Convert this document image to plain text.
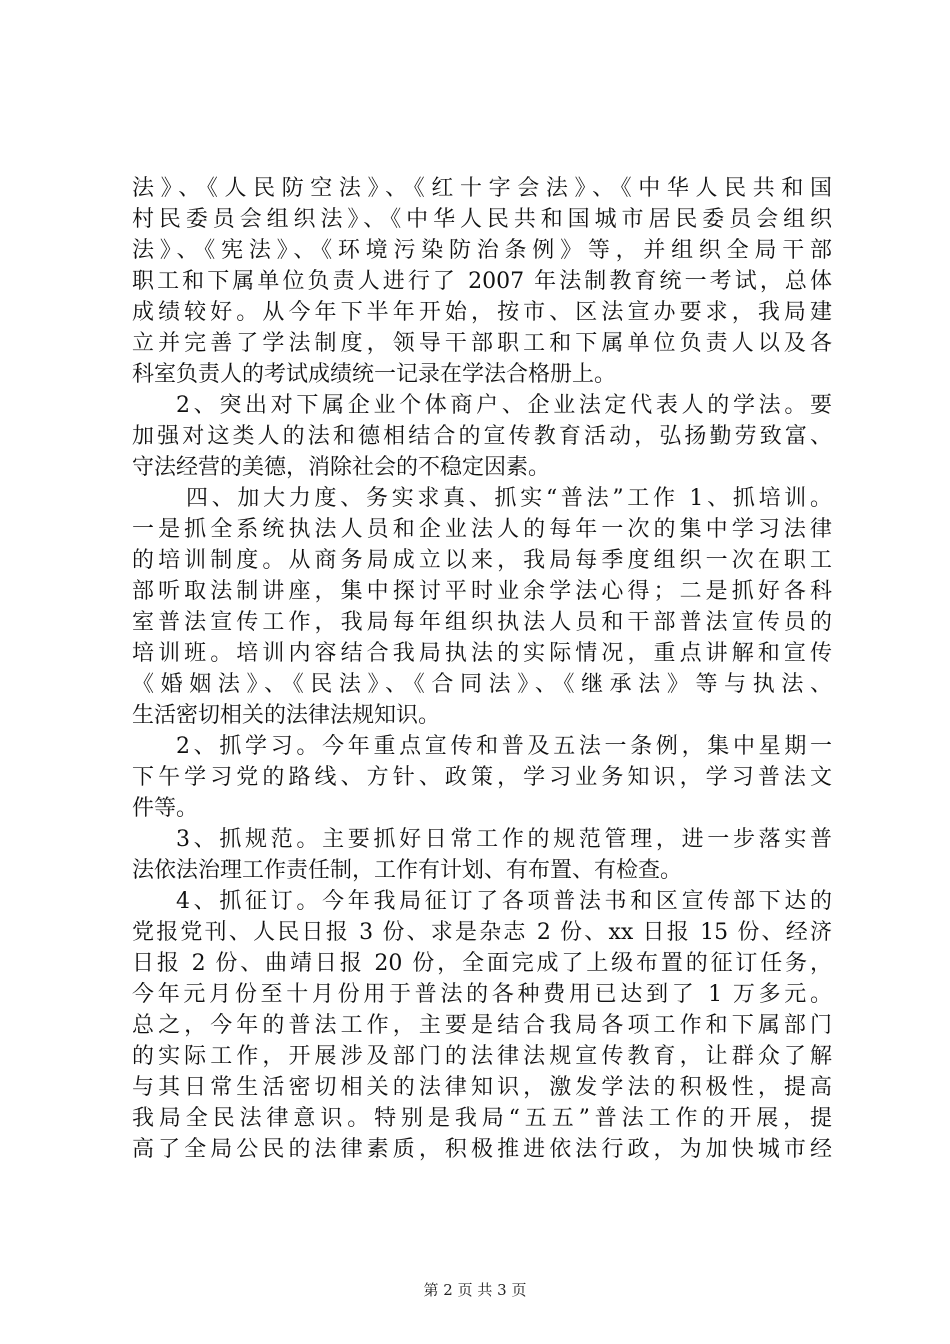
法》、《人民防空法》、《红十字会法》、《中华人民共和国
村民委员会组织法》、《中华人民共和国城市居民委员会组织
法》、《宪法》、《环境污染防治条例》等，并组织全局干部
职工和下属单位负责人进行了 2007 年法制教育统一考试，总体
成绩较好。从今年下半年开始，按市、区法宣办要求，我局建
立并完善了学法制度，领导干部职工和下属单位负责人以及各
科室负责人的考试成绩统一记录在学法合格册上。
2、突出对下属企业个体商户、企业法定代表人的学法。要
加强对这类人的法和德相结合的宣传教育活动，弘扬勤劳致富、
守法经营的美德，消除社会的不稳定因素。
四、加大力度、务实求真、抓实“普法”工作 1、抓培训。
一是抓全系统执法人员和企业法人的每年一次的集中学习法律
的培训制度。从商务局成立以来，我局每季度组织一次在职工
部听取法制讲座，集中探讨平时业余学法心得；二是抓好各科
室普法宣传工作，我局每年组织执法人员和干部普法宣传员的
培训班。培训内容结合我局执法的实际情况，重点讲解和宣传
《婚姻法》、《民法》、《合同法》、《继承法》等与执法、
生活密切相关的法律法规知识。
2、抓学习。今年重点宣传和普及五法一条例，集中星期一
下午学习党的路线、方针、政策，学习业务知识，学习普法文
件等。
3、抓规范。主要抓好日常工作的规范管理，进一步落实普
法依法治理工作责任制，工作有计划、有布置、有检查。
4、抓征订。今年我局征订了各项普法书和区宣传部下达的
党报党刊、人民日报 3 份、求是杂志 2 份、xx 日报 15 份、经济
日报 2 份、曲靖日报 20 份，全面完成了上级布置的征订任务，
今年元月份至十月份用于普法的各种费用已达到了 1 万多元。
总之，今年的普法工作，主要是结合我局各项工作和下属部门
的实际工作，开展涉及部门的法律法规宣传教育，让群众了解
与其日常生活密切相关的法律知识，激发学法的积极性，提高
我局全民法律意识。特别是我局“五五”普法工作的开展，提
高了全局公民的法律素质，积极推进依法行政，为加快城市经
第 2 页 共 3 页
